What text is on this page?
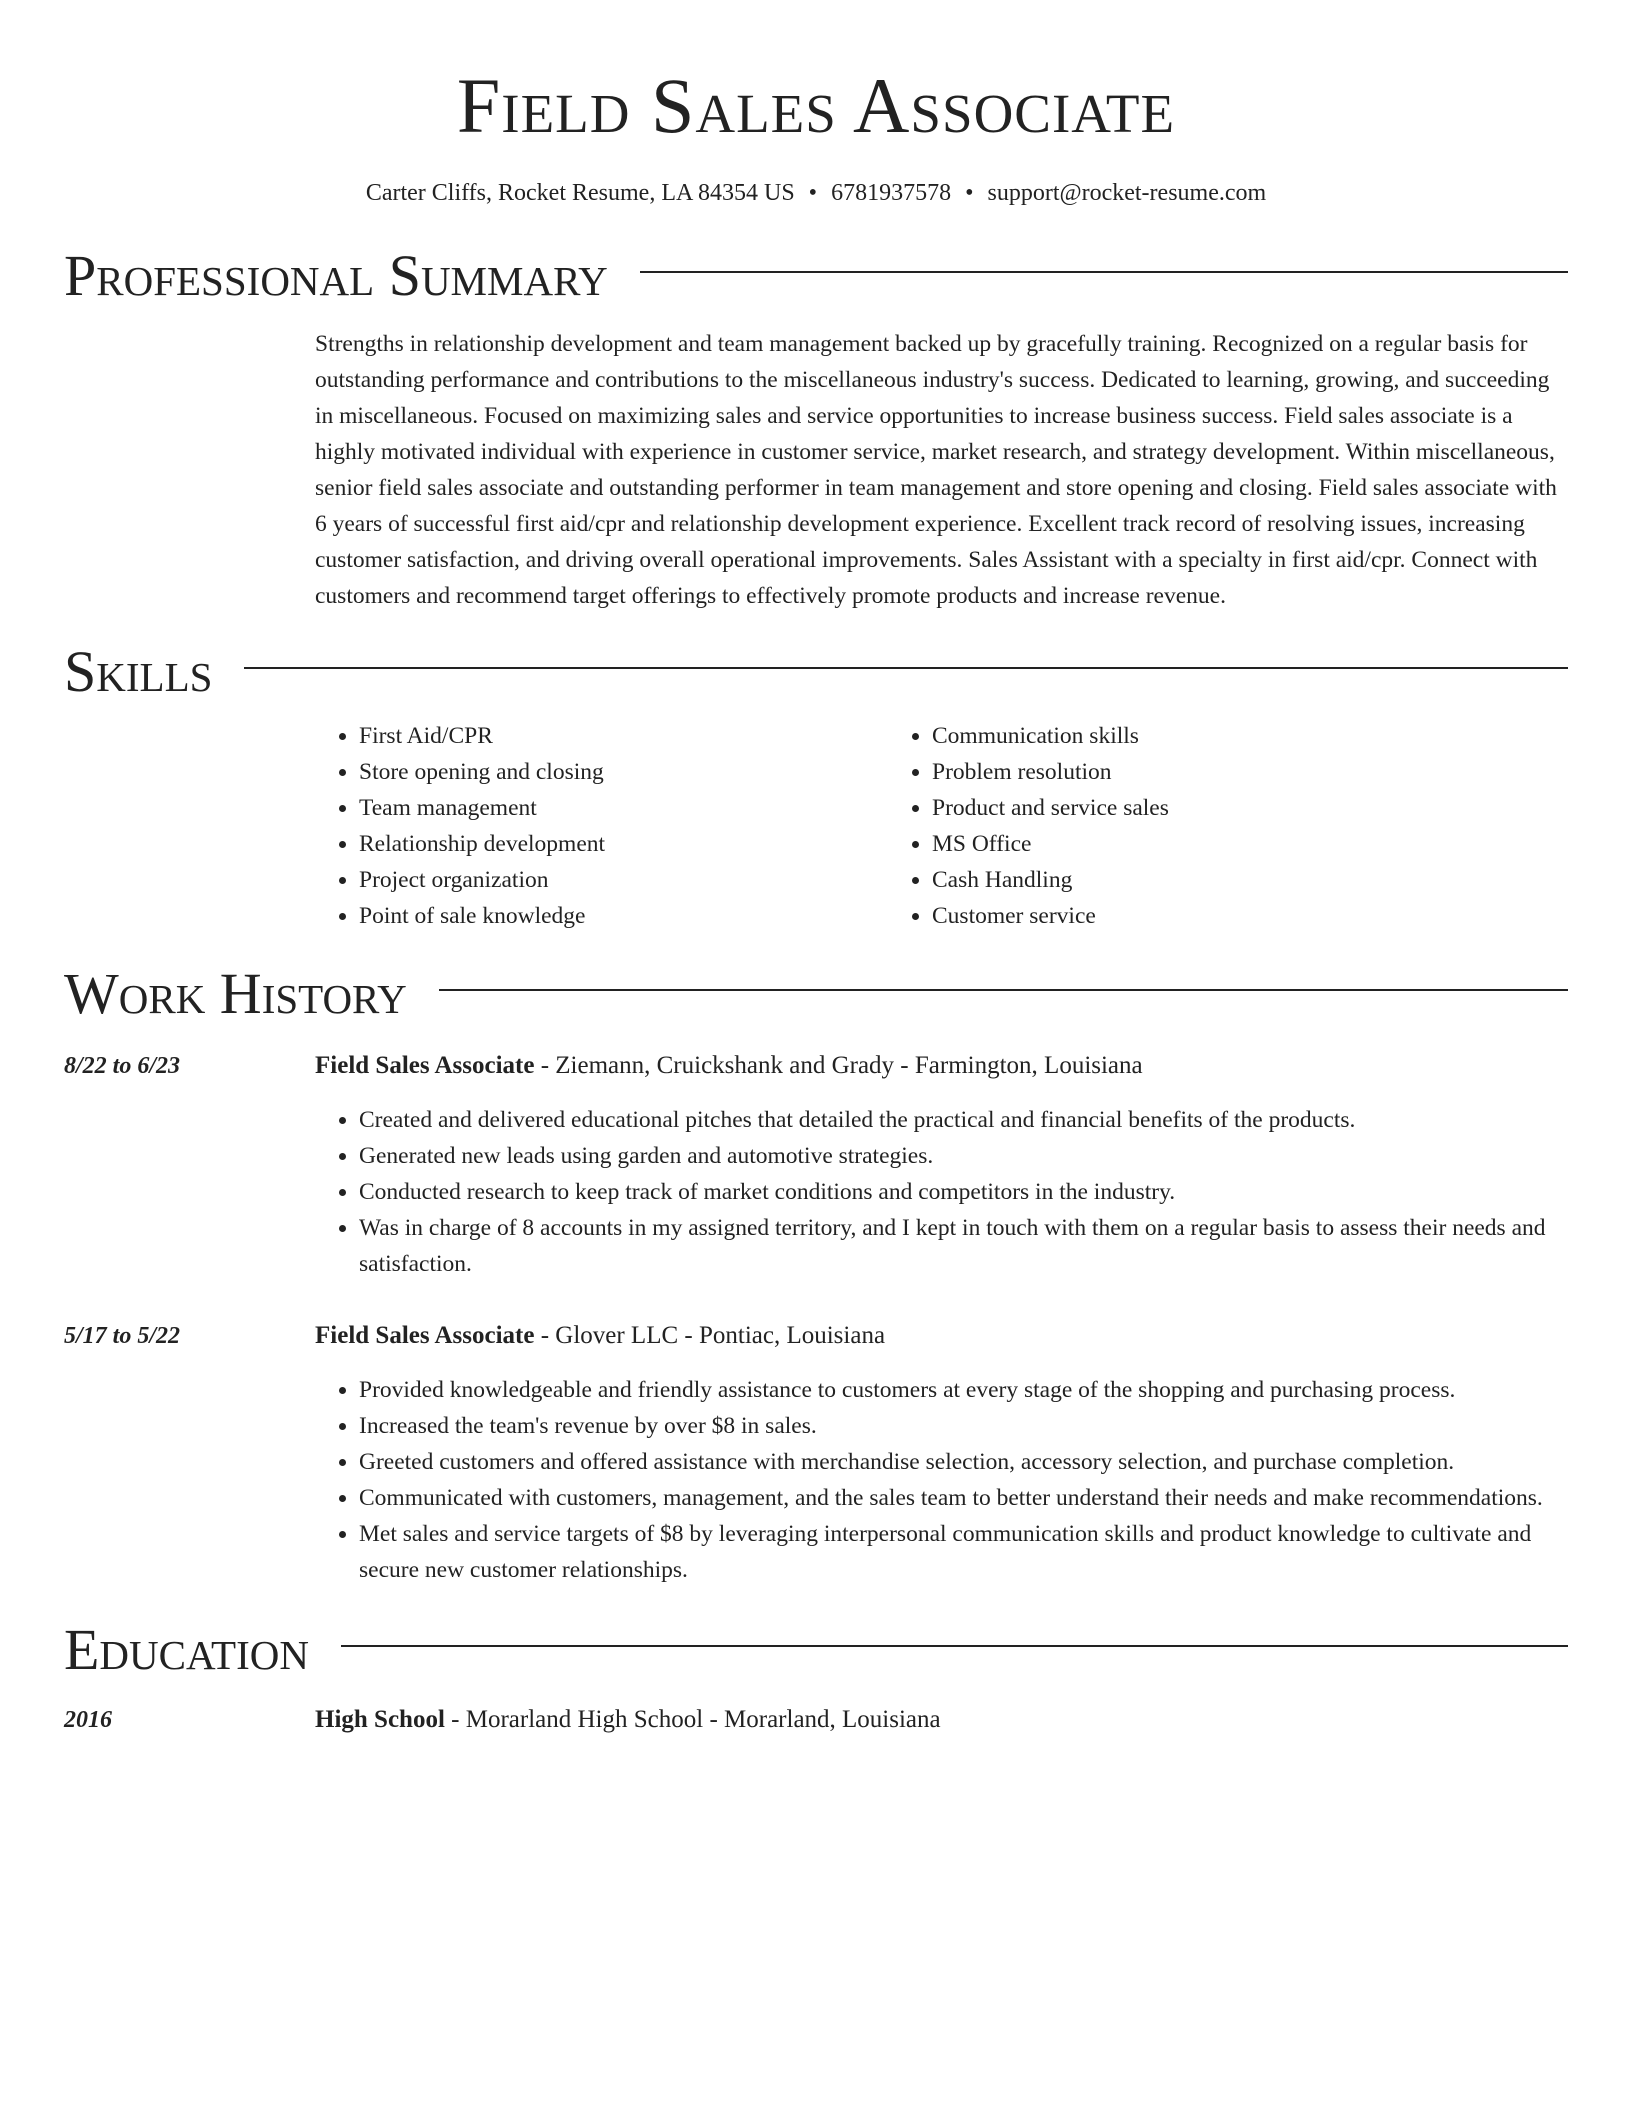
Field Sales Associate
Carter Cliffs, Rocket Resume, LA 84354 US • 6781937578 • support@rocket-resume.com
Professional Summary
Strengths in relationship development and team management backed up by gracefully training. Recognized on a regular basis for outstanding performance and contributions to the miscellaneous industry's success. Dedicated to learning, growing, and succeeding in miscellaneous. Focused on maximizing sales and service opportunities to increase business success. Field sales associate is a highly motivated individual with experience in customer service, market research, and strategy development. Within miscellaneous, senior field sales associate and outstanding performer in team management and store opening and closing. Field sales associate with 6 years of successful first aid/cpr and relationship development experience. Excellent track record of resolving issues, increasing customer satisfaction, and driving overall operational improvements. Sales Assistant with a specialty in first aid/cpr. Connect with customers and recommend target offerings to effectively promote products and increase revenue.
Skills
• First Aid/CPR
• Store opening and closing
• Team management
• Relationship development
• Project organization
• Point of sale knowledge
• Communication skills
• Problem resolution
• Product and service sales
• MS Office
• Cash Handling
• Customer service
Work History
8/22 to 6/23	Field Sales Associate - Ziemann, Cruickshank and Grady - Farmington, Louisiana
• Created and delivered educational pitches that detailed the practical and financial benefits of the products.
• Generated new leads using garden and automotive strategies.
• Conducted research to keep track of market conditions and competitors in the industry.
• Was in charge of 8 accounts in my assigned territory, and I kept in touch with them on a regular basis to assess their needs and satisfaction.
5/17 to 5/22	Field Sales Associate - Glover LLC - Pontiac, Louisiana
• Provided knowledgeable and friendly assistance to customers at every stage of the shopping and purchasing process.
• Increased the team's revenue by over $8 in sales.
• Greeted customers and offered assistance with merchandise selection, accessory selection, and purchase completion.
• Communicated with customers, management, and the sales team to better understand their needs and make recommendations.
• Met sales and service targets of $8 by leveraging interpersonal communication skills and product knowledge to cultivate and secure new customer relationships.
Education
2016	High School - Morarland High School - Morarland, Louisiana
